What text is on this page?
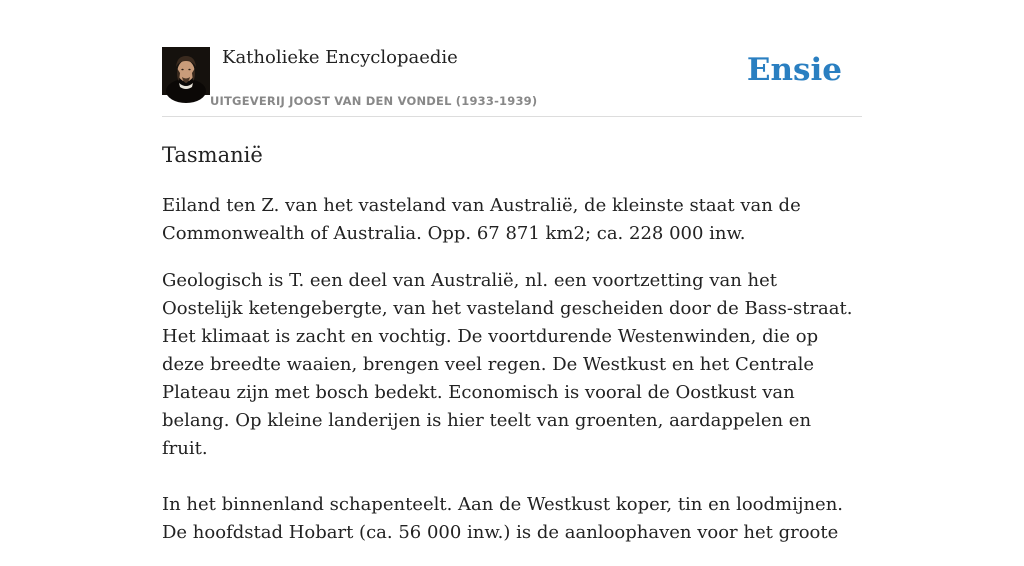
Katholieke Encyclopaedie
UITGEVERIJ JOOST VAN DEN VONDEL (1933-1939)
Ensie
Tasmanië

Eiland ten Z. van het vasteland van Australië, de kleinste staat van de Commonwealth of Australia. Opp. 67 871 km2; ca. 228 000 inw.

Geologisch is T. een deel van Australië, nl. een voortzetting van het Oostelijk ketengebergte, van het vasteland gescheiden door de Bass-straat. Het klimaat is zacht en vochtig. De voortdurende Westenwinden, die op deze breedte waaien, brengen veel regen. De Westkust en het Centrale Plateau zijn met bosch bedekt. Economisch is vooral de Oostkust van belang. Op kleine landerijen is hier teelt van groenten, aardappelen en fruit.

In het binnenland schapenteelt. Aan de Westkust koper, tin en loodmijnen. De hoofdstad Hobart (ca. 56 000 inw.) is de aanloophaven voor het groote
